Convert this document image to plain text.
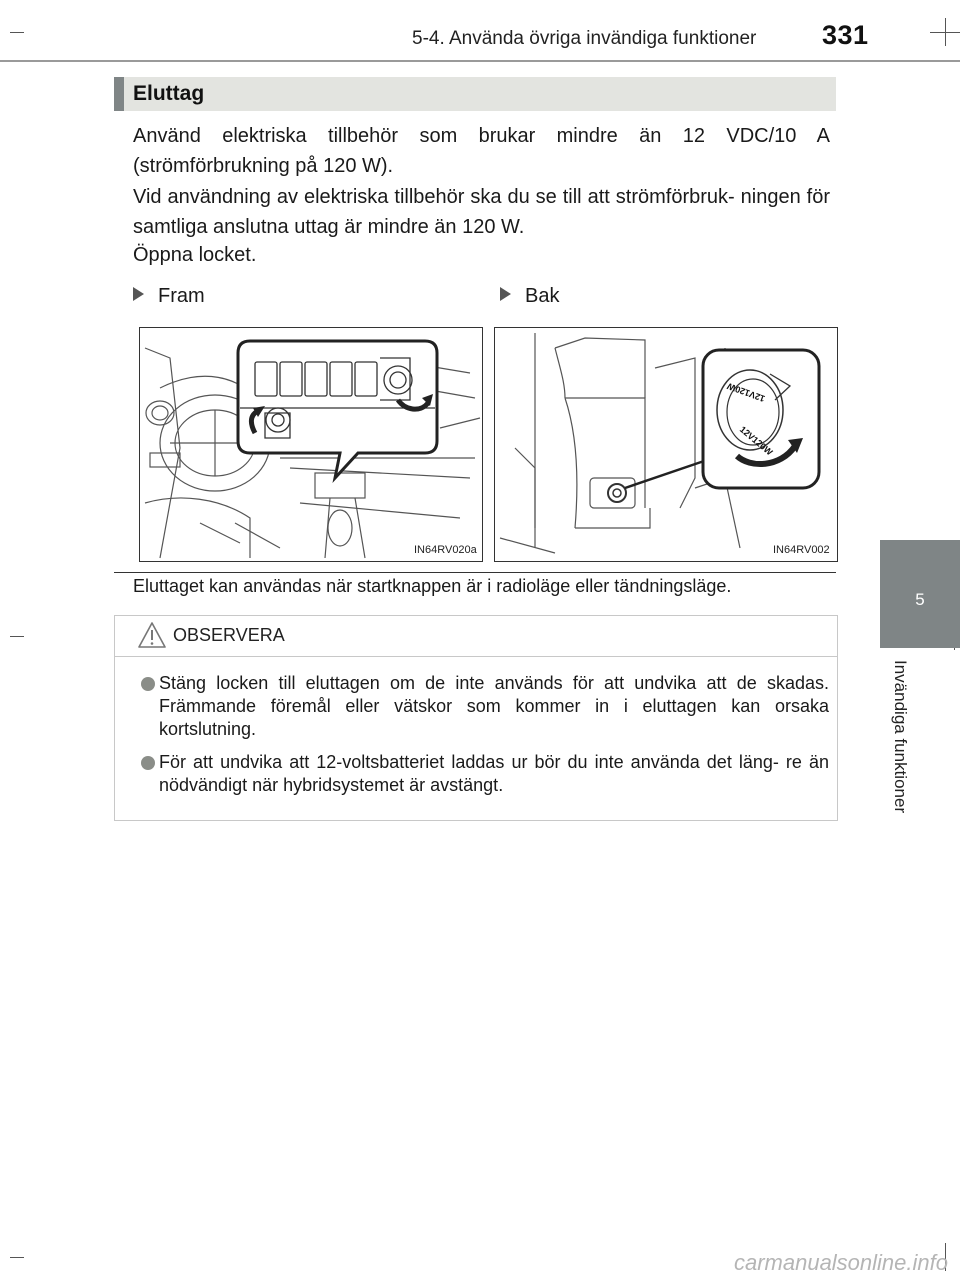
5-4. Använda övriga invändiga funktioner 331
5
Invändiga funktioner
Eluttag
Använd elektriska tillbehör som brukar mindre än 12 VDC/10 A (strömförbrukning på 120 W).
Vid användning av elektriska tillbehör ska du se till att strömförbruk- ningen för samtliga anslutna uttag är mindre än 120 W.
Öppna locket.
Fram	Bak
IN64RV020a
12V120W
12V120W
IN64RV002
Eluttaget kan användas när startknappen är i radioläge eller tändningsläge.
OBSERVERA
Stäng locken till eluttagen om de inte används för att undvika att de skadas. Främmande föremål eller vätskor som kommer in i eluttagen kan orsaka kortslutning.
För att undvika att 12-voltsbatteriet laddas ur bör du inte använda det läng- re än nödvändigt när hybridsystemet är avstängt.
carmanualsonline.info
